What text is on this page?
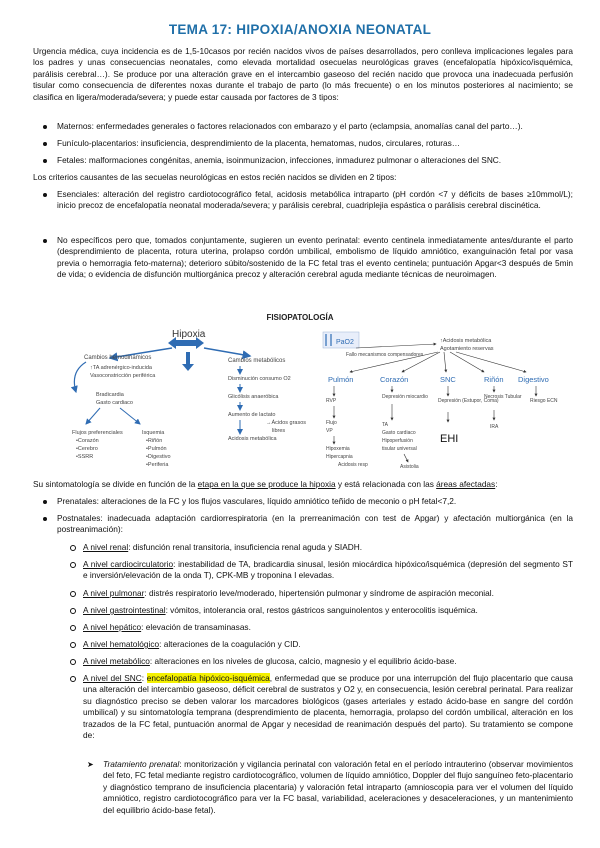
TEMA 17: HIPOXIA/ANOXIA NEONATAL
Urgencia médica, cuya incidencia es de 1,5-10casos por recién nacidos vivos de países desarrollados, pero conlleva implicaciones legales para los padres y unas consecuencias neonatales, como elevada mortalidad osecuelas neurológicas graves (encefalopatía hipóxico/isquémica, parálisis cerebral…). Se produce por una alteración grave en el intercambio gaseoso del recién nacido que provoca una inadecuada perfusión tisular como consecuencia de diferentes noxas durante el trabajo de parto (lo más frecuente) o en los minutos posteriores al nacimiento; se clasifica en ligera/moderada/severa; y puede estar causada por factores de 3 tipos:
Maternos: enfermedades generales o factores relacionados con embarazo y el parto (eclampsia, anomalías canal del parto…).
Funículo-placentarios: insuficiencia, desprendimiento de la placenta, hematomas, nudos, circulares, roturas…
Fetales: malformaciones congénitas, anemia, isoinmunizacion, infecciones, inmadurez pulmonar o alteraciones del SNC.
Los criterios causantes de las secuelas neurológicas en estos recién nacidos se dividen en 2 tipos:
Esenciales: alteración del registro cardiotocográfico fetal, acidosis metabólica intraparto (pH cordón <7 y déficits de bases ≥10mmol/L); inicio precoz de encefalopatía neonatal moderada/severa; y parálisis cerebral, cuadriplejia espástica o parálisis cerebral discinética.
No específicos pero que, tomados conjuntamente, sugieren un evento perinatal: evento centinela inmediatamente antes/durante el parto (desprendimiento de placenta, rotura uterina, prolapso cordón umbilical, embolismo de líquido amniótico, exanguinación fetal por vasa previa o hemorragia feto-materna); deterioro súbito/sostenido de la FC fetal tras el evento centinela; puntuación Apgar<3 después de 5min de vida; o evidencia de disfunción multiorgánica precoz y alteración cerebral aguda mediante técnicas de neuroimagen.
FISIOPATOLOGÍA
Hipoxia
Cambios hemodinámicos
↑TA adrenérgico-inducida
Vasoconstricción periférica
Bradicardia
Gasto cardiaco
Flujos preferenciales
•Corazón
•Cerebro
•SSRR
Isquemia
•Riñón
•Pulmón
•Digestivo
•Periferia
Cambios metabólicos
Disminución consumo O2
Glicólisis anaeróbica
Aumento de lactato
→Ácidos grasos
libres
Acidosis metabólica
PaO2
Fallo mecanismos compensadores
↑Acidosis metabólica
Agotamiento reservas
Pulmón	Corazón	SNC	Riñón Digestivo
RVP
Flujo
VP
Hipoxemia
Hipercapnia
Acidosis resp
Depresión miocardio
TA
Gasto cardiaco
Hipoperfusión
tisular universal
Asistolia
Depresión (Estupor, Coma)
EHI
Necrosis Tubular
IRA
Riesgo ECN
Su sintomatología se divide en función de la etapa en la que se produce la hipoxia y está relacionada con las áreas afectadas:
Prenatales: alteraciones de la FC y los flujos vasculares, líquido amniótico teñido de meconio o pH fetal<7,2.
Postnatales: inadecuada adaptación cardiorrespiratoria (en la prerreanimación con test de Apgar) y afectación multiorgánica (en la postreanimación):
A nivel renal: disfunción renal transitoria, insuficiencia renal aguda y SIADH.
A nivel cardiocirculatorio: inestabilidad de TA, bradicardia sinusal, lesión miocárdica hipóxico/isquémica (depresión del segmento ST e inversión/elevación de la onda T), CPK-MB y troponina I elevadas.
A nivel pulmonar: distrés respiratorio leve/moderado, hipertensión pulmonar y síndrome de aspiración meconial.
A nivel gastrointestinal: vómitos, intolerancia oral, restos gástricos sanguinolentos y enterocolitis isquémica.
A nivel hepático: elevación de transaminasas.
A nivel hematológico: alteraciones de la coagulación y CID.
A nivel metabólico: alteraciones en los niveles de glucosa, calcio, magnesio y el equilibrio ácido-base.
A nivel del SNC: encefalopatía hipóxico-isquémica, enfermedad que se produce por una interrupción del flujo placentario que causa una alteración del intercambio gaseoso, déficit cerebral de sustratos y O2 y, en consecuencia, lesión cerebral perinatal. Para realizar su diagnóstico preciso se deben valorar los marcadores biológicos (gases arteriales y estado ácido-base en sangre del cordón umbilical) y su sintomatología temprana (desprendimiento de placenta, hemorragia, prolapso del cordón umbilical, alteración en los trazados de la FC fetal, puntuación anormal de Apgar y necesidad de reanimación después del parto). Su tratamiento se compone de:
➤ Tratamiento prenatal: monitorización y vigilancia perinatal con valoración fetal en el período intrauterino (observar movimientos del feto, FC fetal mediante registro cardiotocográfico, volumen de líquido amniótico, Doppler del flujo sanguíneo feto-placentario y diagnóstico temprano de insuficiencia placentaria) y valoración fetal intraparto (amnioscopia para ver el volumen del líquido amniótico, registro cardiotocográfico para ver la FC basal, variabilidad, aceleraciones y desaceleraciones, y un mantenimiento del equilibrio ácido-base fetal).
